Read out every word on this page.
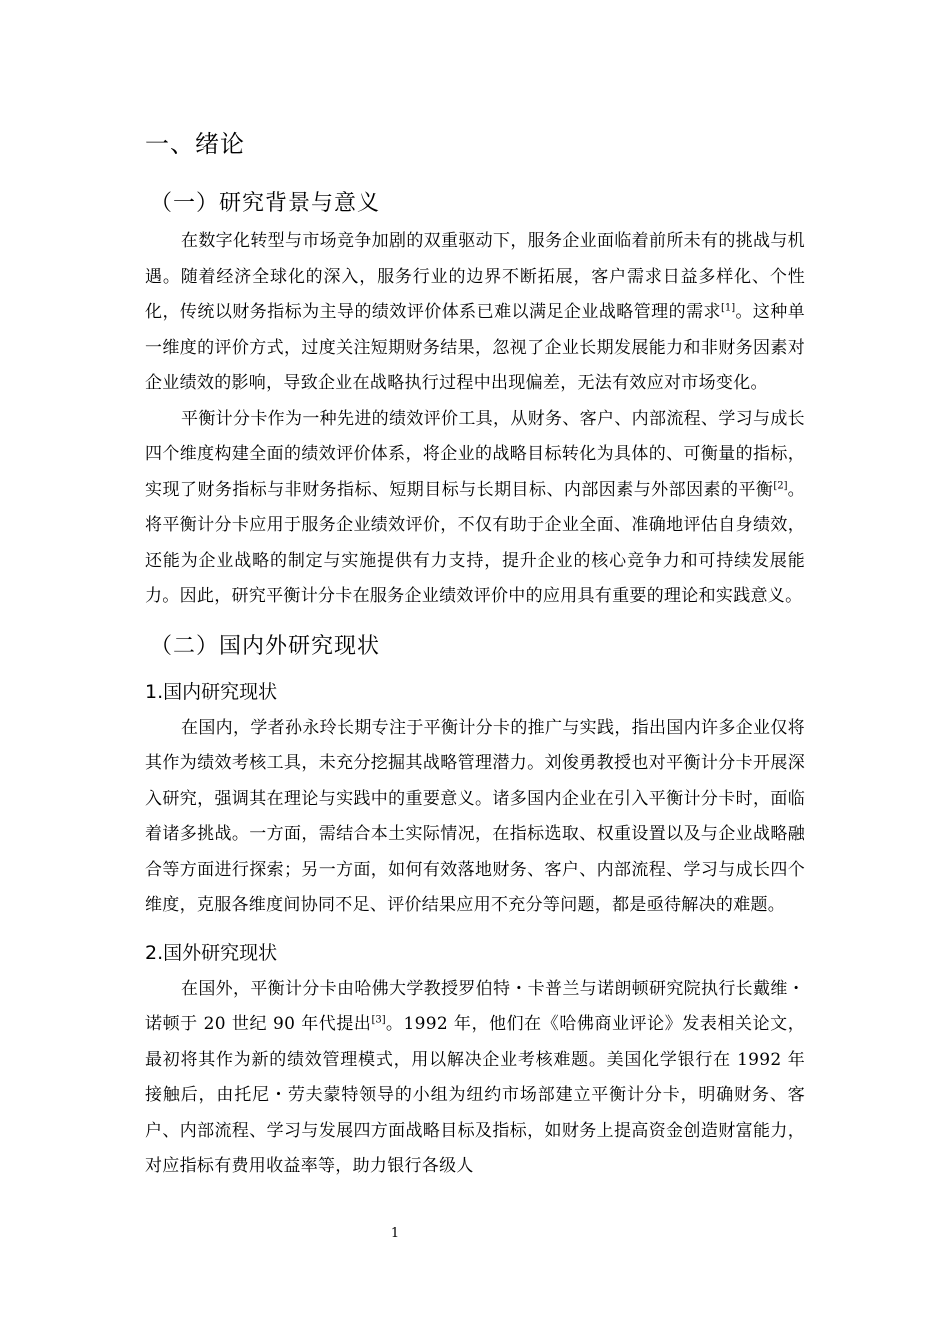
一、绪论
（一）研究背景与意义

在数字化转型与市场竞争加剧的双重驱动下，服务企业面临着前所未有的挑战与机遇。随着经济全球化的深入，服务行业的边界不断拓展，客户需求日益多样化、个性化，传统以财务指标为主导的绩效评价体系已难以满足企业战略管理的需求[1]。这种单一维度的评价方式，过度关注短期财务结果，忽视了企业长期发展能力和非财务因素对企业绩效的影响，导致企业在战略执行过程中出现偏差，无法有效应对市场变化。

平衡计分卡作为一种先进的绩效评价工具，从财务、客户、内部流程、学习与成长四个维度构建全面的绩效评价体系，将企业的战略目标转化为具体的、可衡量的指标，实现了财务指标与非财务指标、短期目标与长期目标、内部因素与外部因素的平衡[2]。将平衡计分卡应用于服务企业绩效评价，不仅有助于企业全面、准确地评估自身绩效，还能为企业战略的制定与实施提供有力支持，提升企业的核心竞争力和可持续发展能力。因此，研究平衡计分卡在服务企业绩效评价中的应用具有重要的理论和实践意义。

（二）国内外研究现状
1.国内研究现状

在国内，学者孙永玲长期专注于平衡计分卡的推广与实践，指出国内许多企业仅将其作为绩效考核工具，未充分挖掘其战略管理潜力。刘俊勇教授也对平衡计分卡开展深入研究，强调其在理论与实践中的重要意义。诸多国内企业在引入平衡计分卡时，面临着诸多挑战。一方面，需结合本土实际情况，在指标选取、权重设置以及与企业战略融合等方面进行探索；另一方面，如何有效落地财务、客户、内部流程、学习与成长四个维度，克服各维度间协同不足、评价结果应用不充分等问题，都是亟待解决的难题。

2.国外研究现状

在国外，平衡计分卡由哈佛大学教授罗伯特・卡普兰与诺朗顿研究院执行长戴维・诺顿于 20 世纪 90 年代提出[3]。1992 年，他们在《哈佛商业评论》发表相关论文，最初将其作为新的绩效管理模式，用以解决企业考核难题。美国化学银行在 1992 年接触后，由托尼・劳夫蒙特领导的小组为纽约市场部建立平衡计分卡，明确财务、客户、内部流程、学习与发展四方面战略目标及指标，如财务上提高资金创造财富能力，对应指标有费用收益率等，助力银行各级人

1
